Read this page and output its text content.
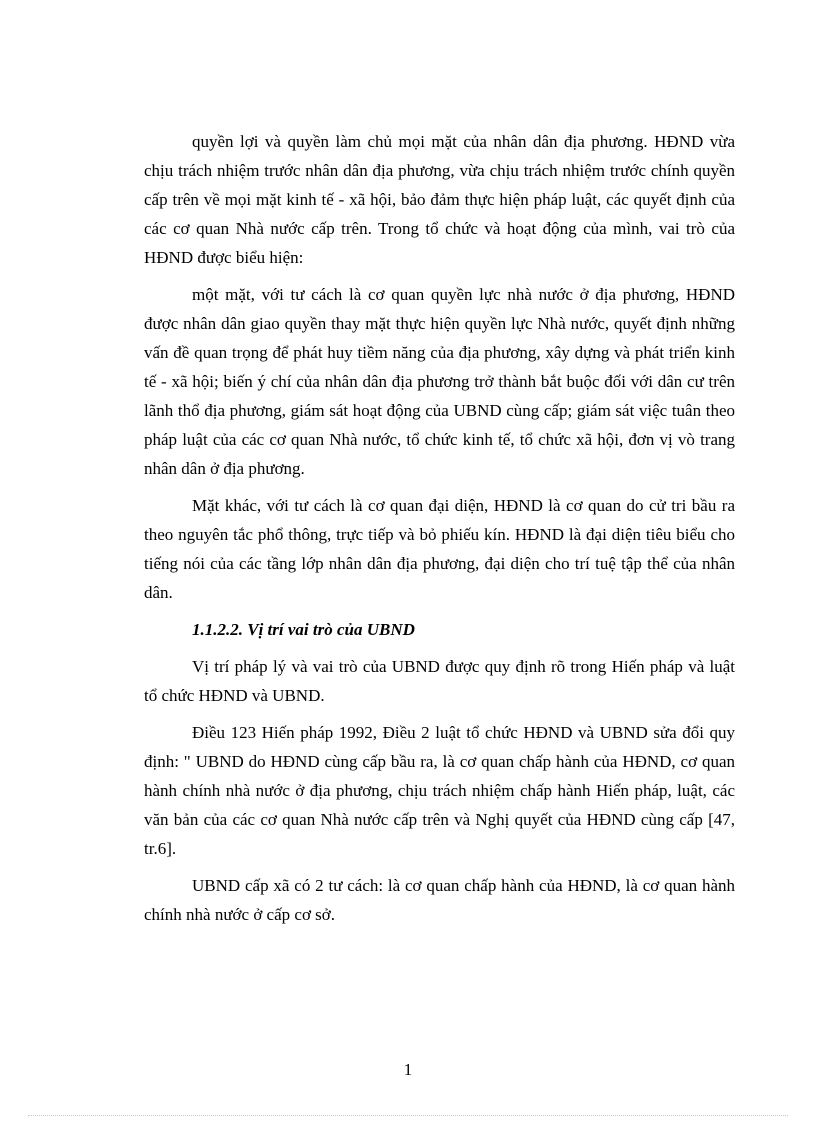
quyền lợi và quyền làm chủ mọi mặt của nhân dân địa phương. HĐND vừa chịu trách nhiệm trước nhân dân địa phương, vừa chịu trách nhiệm trước chính quyền cấp trên về mọi mặt kinh tế - xã hội, bảo đảm thực hiện pháp luật, các quyết định của các cơ quan Nhà nước cấp trên. Trong tổ chức và hoạt động của mình, vai trò của HĐND được biểu hiện:

một mặt, với tư cách là cơ quan quyền lực nhà nước ở địa phương, HĐND được nhân dân giao quyền thay mặt thực hiện quyền lực Nhà nước, quyết định những vấn đề quan trọng để phát huy tiềm năng của địa phương, xây dựng và phát triển kinh tế - xã hội; biến ý chí của nhân dân địa phương trở thành bắt buộc đối với dân cư trên lãnh thổ địa phương, giám sát hoạt động của UBND cùng cấp; giám sát việc tuân theo pháp luật của các cơ quan Nhà nước, tổ chức kinh tế, tổ chức xã hội, đơn vị vò trang nhân dân ở địa phương.

Mặt khác, với tư cách là cơ quan đại diện, HĐND là cơ quan do cử tri bầu ra theo nguyên tắc phổ thông, trực tiếp và bỏ phiếu kín. HĐND là đại diện tiêu biểu cho tiếng nói của các tầng lớp nhân dân địa phương, đại diện cho trí tuệ tập thể của nhân dân.

1.1.2.2. Vị trí vai trò của UBND

Vị trí pháp lý và vai trò của UBND được quy định rõ trong Hiến pháp và luật tổ chức HĐND và UBND.

Điều 123 Hiến pháp 1992, Điều 2 luật tổ chức HĐND và UBND sửa đổi quy định: " UBND do HĐND cùng cấp bầu ra, là cơ quan chấp hành của HĐND, cơ quan hành chính nhà nước ở địa phương, chịu trách nhiệm chấp hành Hiến pháp, luật, các văn bản của các cơ quan Nhà nước cấp trên và Nghị quyết của HĐND cùng cấp [47, tr.6].

UBND cấp xã có 2 tư cách: là cơ quan chấp hành của HĐND, là cơ quan hành chính nhà nước ở cấp cơ sở.

1
